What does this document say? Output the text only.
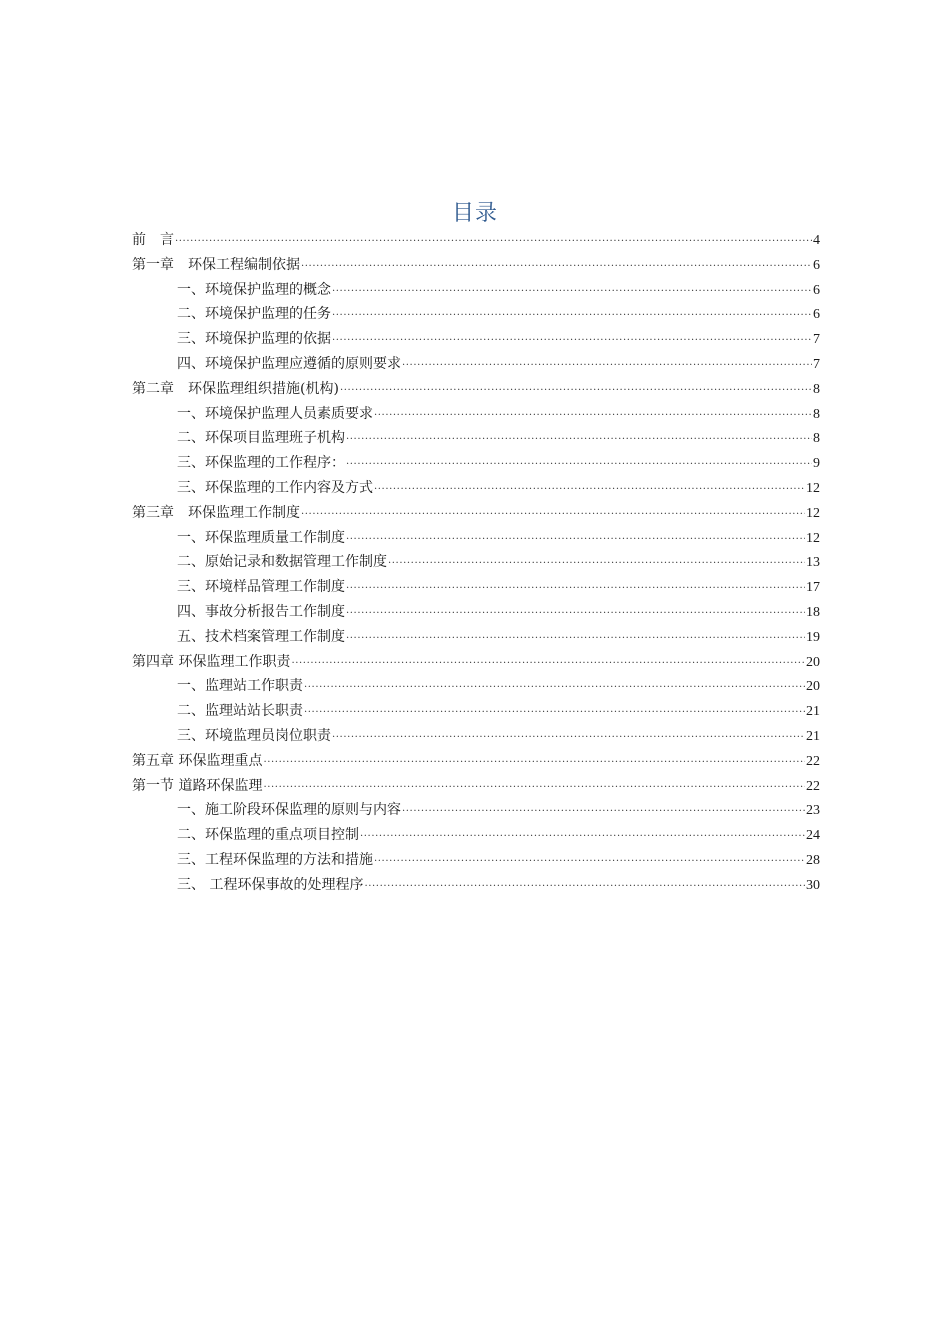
目录
前　言 .....	4
第一章　环保工程编制依据 .....	6
一、环境保护监理的概念 .....	6
二、环境保护监理的任务 .....	6
三、环境保护监理的依据 .....	7
四、环境保护监理应遵循的原则要求 .....	7
第二章　环保监理组织措施(机构) .....	8
一、环境保护监理人员素质要求 .....	8
二、环保项目监理班子机构 .....	8
三、环保监理的工作程序： .....	9
三、环保监理的工作内容及方式 .....	12
第三章　环保监理工作制度 .....	12
一、环保监理质量工作制度 .....	12
二、原始记录和数据管理工作制度 .....	13
三、环境样品管理工作制度 .....	17
四、事故分析报告工作制度 .....	18
五、技术档案管理工作制度 .....	19
第四章 环保监理工作职责 .....	20
一、监理站工作职责 .....	20
二、监理站站长职责 .....	21
三、环境监理员岗位职责 .....	21
第五章 环保监理重点 .....	22
第一节 道路环保监理 .....	22
一、施工阶段环保监理的原则与内容 .....	23
二、环保监理的重点项目控制 .....	24
三、工程环保监理的方法和措施 .....	28
三、 工程环保事故的处理程序 .....	30
